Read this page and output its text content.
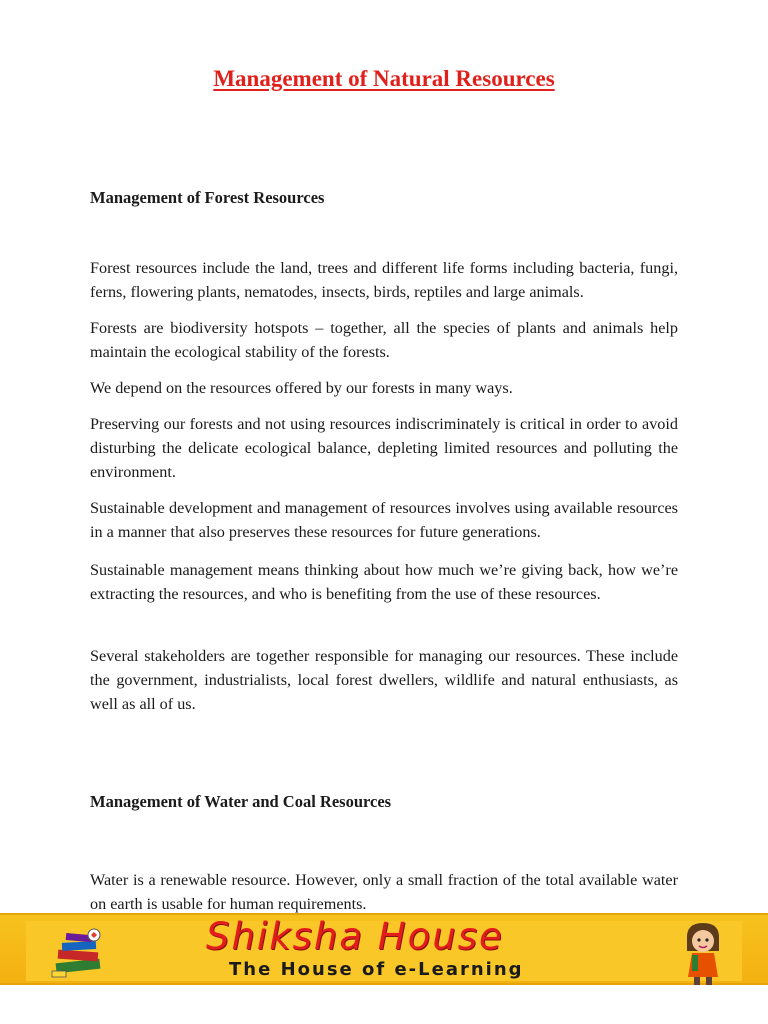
Management of Natural Resources
Management of Forest Resources

Forest resources include the land, trees and different life forms including bacteria, fungi, ferns, flowering plants, nematodes, insects, birds, reptiles and large animals.

Forests are biodiversity hotspots – together, all the species of plants and animals help maintain the ecological stability of the forests.

We depend on the resources offered by our forests in many ways.

Preserving our forests and not using resources indiscriminately is critical in order to avoid disturbing the delicate ecological balance, depleting limited resources and polluting the environment.

Sustainable development and management of resources involves using available resources in a manner that also preserves these resources for future generations.

Sustainable management means thinking about how much we’re giving back, how we’re extracting the resources, and who is benefiting from the use of these resources.

Several stakeholders are together responsible for managing our resources. These include the government, industrialists, local forest dwellers, wildlife and natural enthusiasts, as well as all of us.

Management of Water and Coal Resources

Water is a renewable resource. However, only a small fraction of the total available water on earth is usable for human requirements.

Shiksha House
The House of e-Learning
